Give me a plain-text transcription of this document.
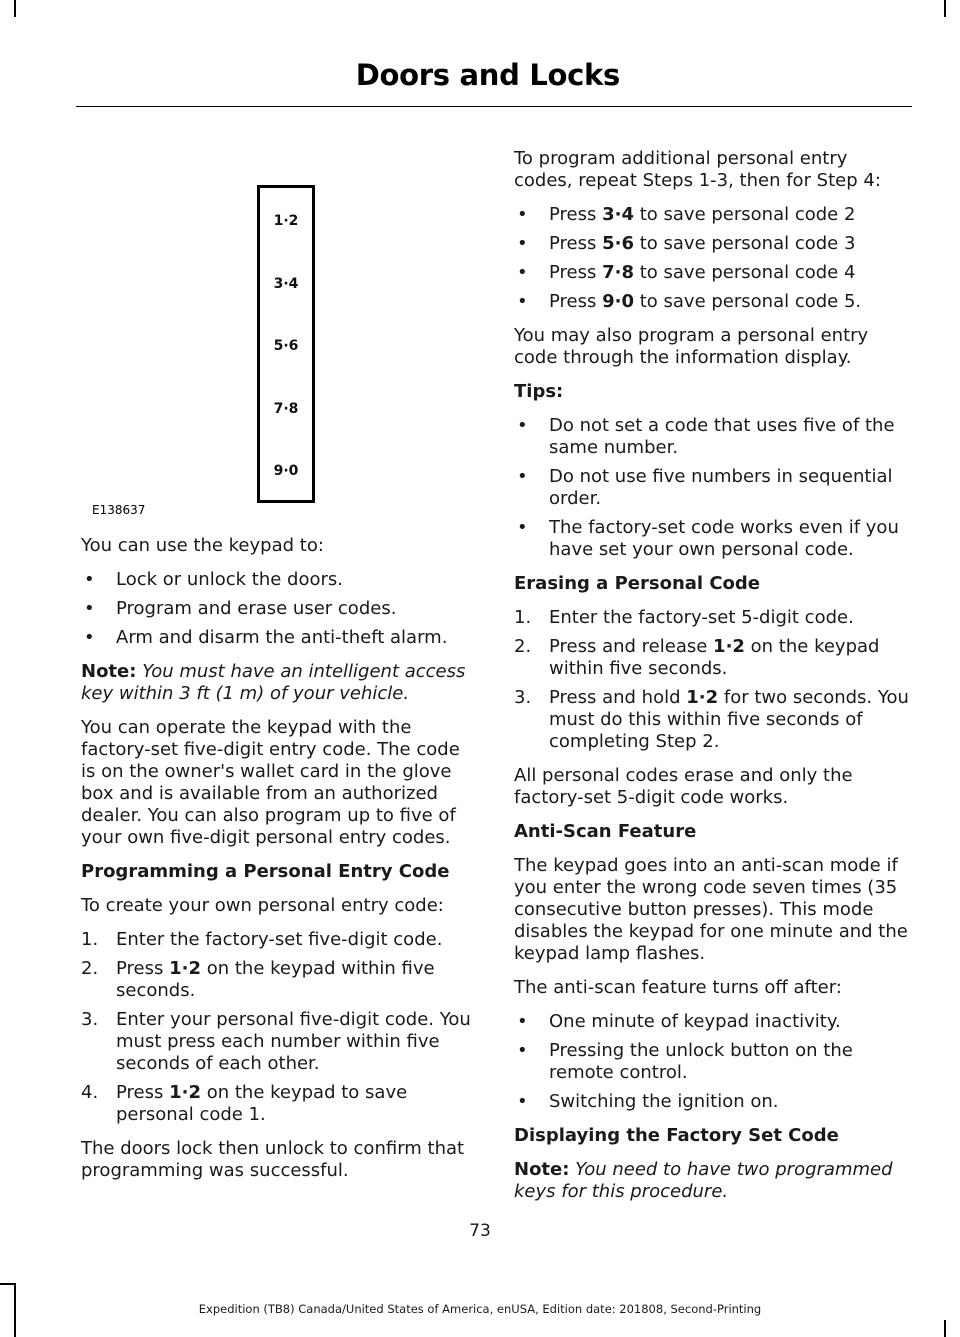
Doors and Locks
1·2
3·4
5·6
7·8
9·0
E138637

You can use the keypad to:

• Lock or unlock the doors.
• Program and erase user codes.
• Arm and disarm the anti-theft alarm.

Note: You must have an intelligent access key within 3 ft (1 m) of your vehicle.

You can operate the keypad with the factory-set five-digit entry code. The code is on the owner's wallet card in the glove box and is available from an authorized dealer. You can also program up to five of your own five-digit personal entry codes.

Programming a Personal Entry Code

To create your own personal entry code:

1. Enter the factory-set five-digit code.
2. Press 1·2 on the keypad within five seconds.
3. Enter your personal five-digit code. You must press each number within five seconds of each other.
4. Press 1·2 on the keypad to save personal code 1.

The doors lock then unlock to confirm that programming was successful.

To program additional personal entry codes, repeat Steps 1-3, then for Step 4:

• Press 3·4 to save personal code 2
• Press 5·6 to save personal code 3
• Press 7·8 to save personal code 4
• Press 9·0 to save personal code 5.

You may also program a personal entry code through the information display.

Tips:
• Do not set a code that uses five of the same number.
• Do not use five numbers in sequential order.
• The factory-set code works even if you have set your own personal code.
Erasing a Personal Code
1. Enter the factory-set 5-digit code.
2. Press and release 1·2 on the keypad within five seconds.
3. Press and hold 1·2 for two seconds. You must do this within five seconds of completing Step 2.

All personal codes erase and only the factory-set 5-digit code works.

Anti-Scan Feature

The keypad goes into an anti-scan mode if you enter the wrong code seven times (35 consecutive button presses). This mode disables the keypad for one minute and the keypad lamp flashes.

The anti-scan feature turns off after:

• One minute of keypad inactivity.
• Pressing the unlock button on the remote control.
• Switching the ignition on.
Displaying the Factory Set Code

Note: You need to have two programmed keys for this procedure.

73
Expedition (TB8) Canada/United States of America, enUSA, Edition date: 201808, Second-Printing
